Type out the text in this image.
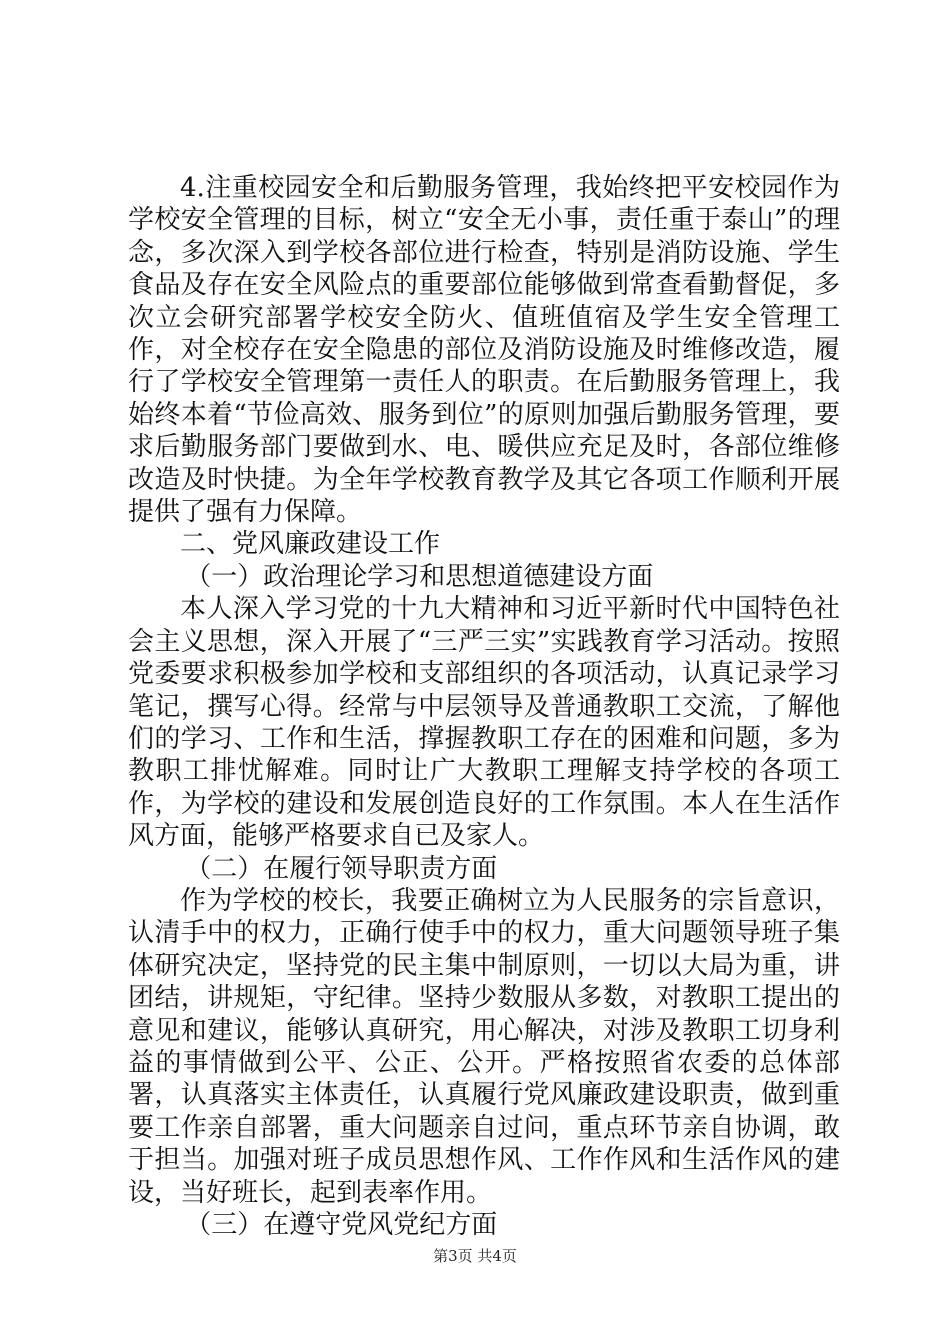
4.注重校园安全和后勤服务管理，我始终把平安校园作为学校安全管理的目标，树立“安全无小事，责任重于泰山”的理念，多次深入到学校各部位进行检查，特别是消防设施、学生食品及存在安全风险点的重要部位能够做到常查看勤督促，多次立会研究部署学校安全防火、值班值宿及学生安全管理工作，对全校存在安全隐患的部位及消防设施及时维修改造，履行了学校安全管理第一责任人的职责。在后勤服务管理上，我始终本着“节俭高效、服务到位”的原则加强后勤服务管理，要求后勤服务部门要做到水、电、暖供应充足及时，各部位维修改造及时快捷。为全年学校教育教学及其它各项工作顺利开展提供了强有力保障。

二、党风廉政建设工作

（一）政治理论学习和思想道德建设方面

本人深入学习党的十九大精神和习近平新时代中国特色社会主义思想，深入开展了“三严三实”实践教育学习活动。按照党委要求积极参加学校和支部组织的各项活动，认真记录学习笔记，撰写心得。经常与中层领导及普通教职工交流，了解他们的学习、工作和生活，撑握教职工存在的困难和问题，多为教职工排忧解难。同时让广大教职工理解支持学校的各项工作，为学校的建设和发展创造良好的工作氛围。本人在生活作风方面，能够严格要求自已及家人。

（二）在履行领导职责方面

作为学校的校长，我要正确树立为人民服务的宗旨意识，认清手中的权力，正确行使手中的权力，重大问题领导班子集体研究决定，坚持党的民主集中制原则，一切以大局为重，讲团结，讲规矩，守纪律。坚持少数服从多数，对教职工提出的意见和建议，能够认真研究，用心解决，对涉及教职工切身利益的事情做到公平、公正、公开。严格按照省农委的总体部署，认真落实主体责任，认真履行党风廉政建设职责，做到重要工作亲自部署，重大问题亲自过问，重点环节亲自协调，敢于担当。加强对班子成员思想作风、工作作风和生活作风的建设，当好班长，起到表率作用。

（三）在遵守党风党纪方面

第3页 共4页
